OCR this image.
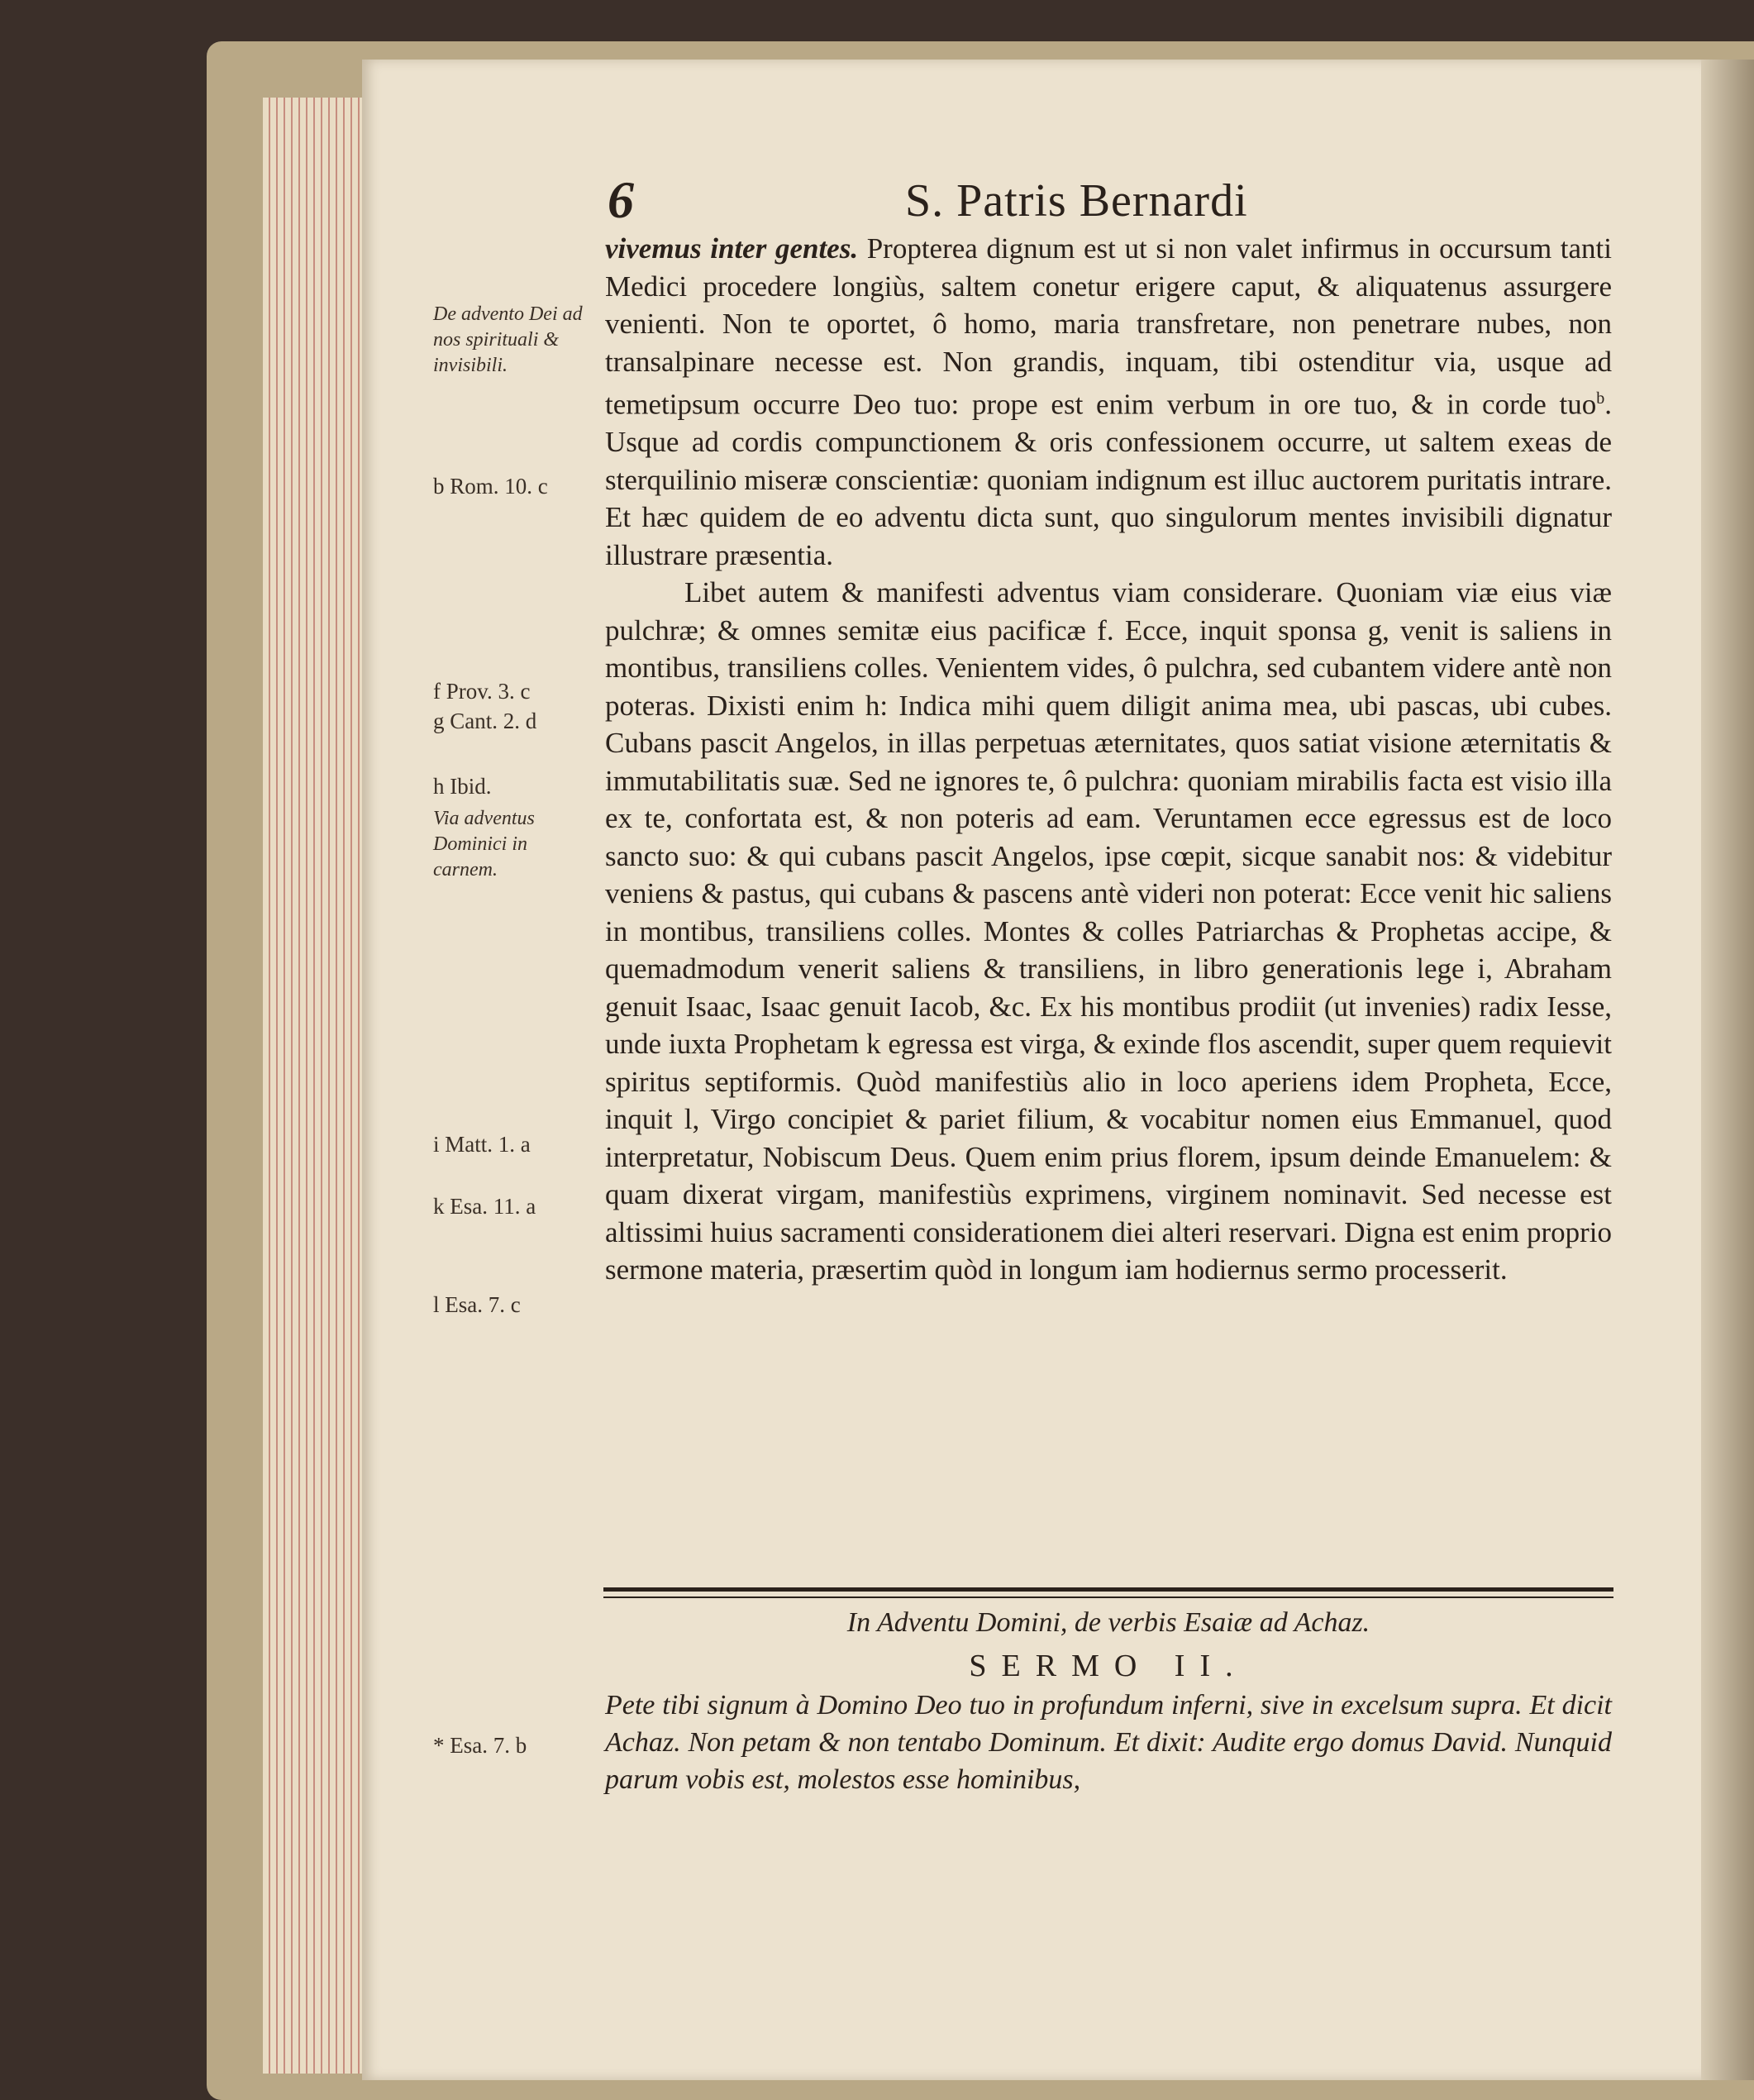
6	S. Patris Bernardi
De advento Dei ad nos spirituali & invisibili.
b Rom. 10. c
f Prov. 3. c
g Cant. 2. d
h Ibid.
Via adventus Dominici in carnem.
i Matt. 1. a
k Esa. 11. a
l Esa. 7. c
* Esa. 7. b

vivemus inter gentes. Propterea dignum est ut si non valet infirmus in occursum tanti Medici procedere longiùs, saltem conetur erigere caput, & aliquatenus assurgere venienti. Non te oportet, ô homo, maria transfretare, non penetrare nubes, non transalpinare necesse est. Non grandis, inquam, tibi ostenditur via, usque ad temetipsum occurre Deo tuo: prope est enim verbum in ore tuo, & in corde tuo$^b$. Usque ad cordis compunctionem & oris confessionem occurre, ut saltem exeas de sterquilinio miseræ conscientiæ: quoniam indignum est illuc auctorem puritatis intrare. Et hæc quidem de eo adventu dicta sunt, quo singulorum mentes invisibili dignatur illustrare præsentia.

Libet autem & manifesti adventus viam considerare. Quoniam viæ eius viæ pulchræ; & omnes semitæ eius pacificæ f. Ecce, inquit sponsa g, venit is saliens in montibus, transiliens colles. Venientem vides, ô pulchra, sed cubantem videre antè non poteras. Dixisti enim h: Indica mihi quem diligit anima mea, ubi pascas, ubi cubes. Cubans pascit Angelos, in illas perpetuas æternitates, quos satiat visione æternitatis & immutabilitatis suæ. Sed ne ignores te, ô pulchra: quoniam mirabilis facta est visio illa ex te, confortata est, & non poteris ad eam. Veruntamen ecce egressus est de loco sancto suo: & qui cubans pascit Angelos, ipse cœpit, sicque sanabit nos: & videbitur veniens & pastus, qui cubans & pascens antè videri non poterat: Ecce venit hic saliens in montibus, transiliens colles. Montes & colles Patriarchas & Prophetas accipe, & quemadmodum venerit saliens & transiliens, in libro generationis lege i, Abraham genuit Isaac, Isaac genuit Iacob, &c. Ex his montibus prodiit (ut invenies) radix Iesse, unde iuxta Prophetam k egressa est virga, & exinde flos ascendit, super quem requievit spiritus septiformis. Quòd manifestiùs alio in loco aperiens idem Propheta, Ecce, inquit l, Virgo concipiet & pariet filium, & vocabitur nomen eius Emmanuel, quod interpretatur, Nobiscum Deus. Quem enim prius florem, ipsum deinde Emanuelem: & quam dixerat virgam, manifestiùs exprimens, virginem nominavit. Sed necesse est altissimi huius sacramenti considerationem diei alteri reservari. Digna est enim proprio sermone materia, præsertim quòd in longum iam hodiernus sermo processerit.

In Adventu Domini, de verbis Esaiæ ad Achaz.
SERMO II.
Pete tibi signum à Domino Deo tuo in profundum inferni, sive in excelsum supra. Et dicit Achaz. Non petam & non tentabo Dominum. Et dixit: Audite ergo domus David. Nunquid parum vobis est, molestos esse hominibus,
